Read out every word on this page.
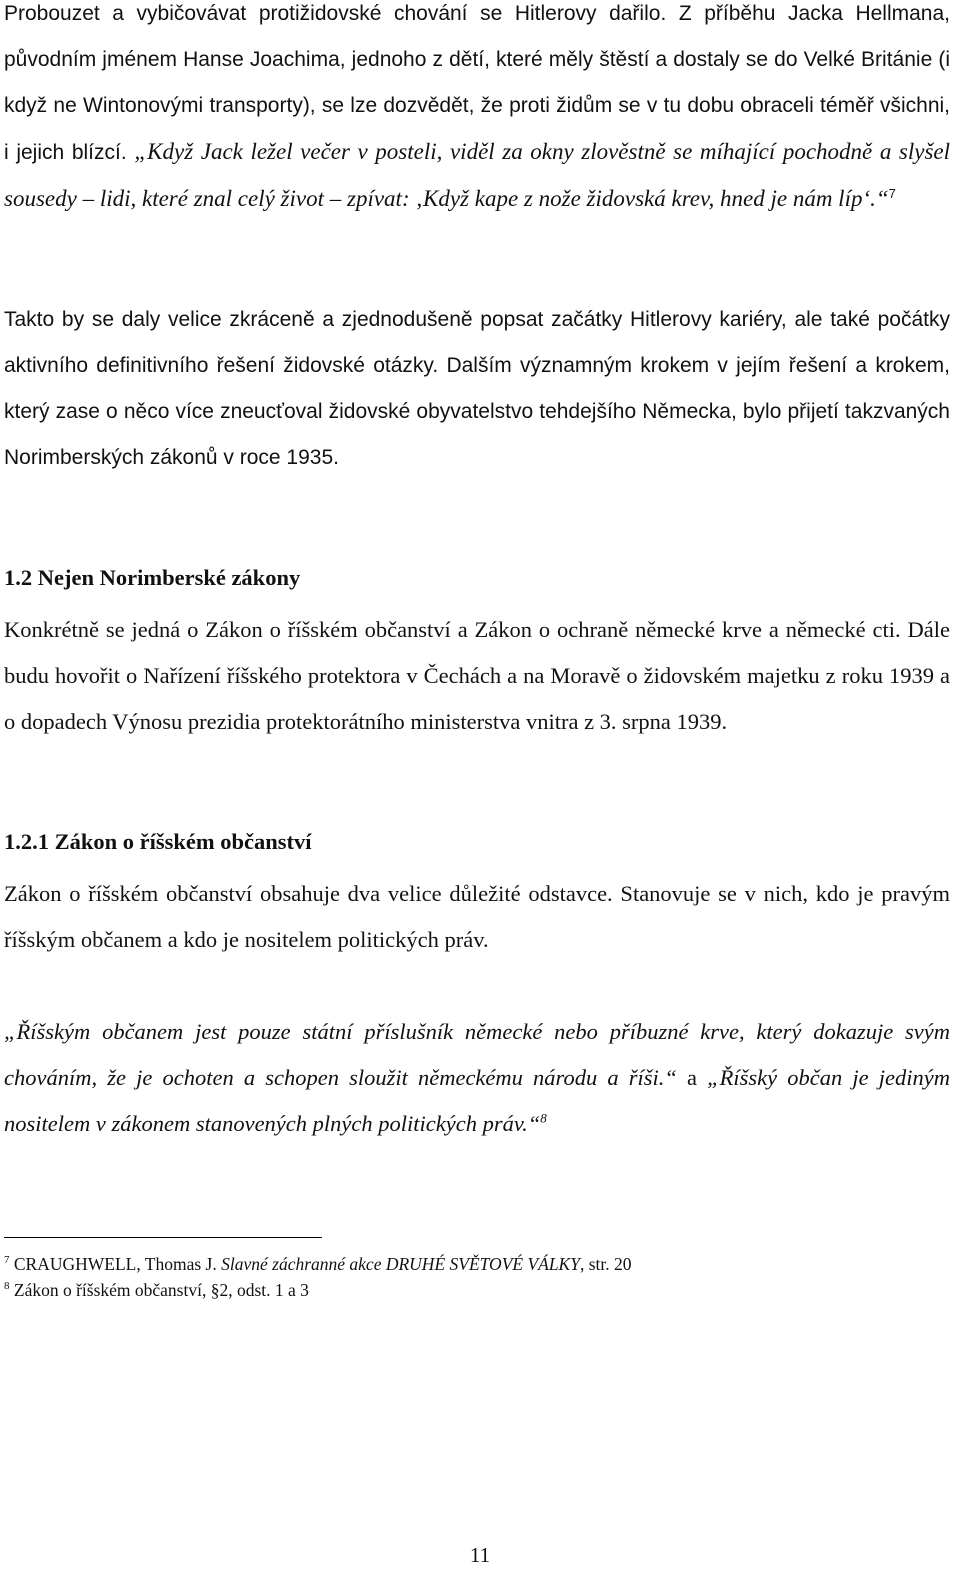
Probouzet a vybičovávat protižidovské chování se Hitlerovy dařilo. Z příběhu Jacka Hellmana, původním jménem Hanse Joachima, jednoho z dětí, které měly štěstí a dostaly se do Velké Británie (i když ne Wintonovými transporty), se lze dozvědět, že proti židům se v tu dobu obraceli téměř všichni, i jejich blízcí. „Když Jack ležel večer v posteli, viděl za okny zlověstně se míhající pochodně a slyšel sousedy – lidi, které znal celý život – zpívat: ‚Když kape z nože židovská krev, hned je nám líp‘.“$^7$

Takto by se daly velice zkráceně a zjednodušeně popsat začátky Hitlerovy kariéry, ale také počátky aktivního definitivního řešení židovské otázky. Dalším významným krokem v jejím řešení a krokem, který zase o něco více zneucťoval židovské obyvatelstvo tehdejšího Německa, bylo přijetí takzvaných Norimberských zákonů v roce 1935.

1.2 Nejen Norimberské zákony

Konkrétně se jedná o Zákon o říšském občanství a Zákon o ochraně německé krve a německé cti. Dále budu hovořit o Nařízení říšského protektora v Čechách a na Moravě o židovském majetku z roku 1939 a o dopadech Výnosu prezidia protektorátního ministerstva vnitra z 3. srpna 1939.

1.2.1 Zákon o říšském občanství

Zákon o říšském občanství obsahuje dva velice důležité odstavce. Stanovuje se v nich, kdo je pravým říšským občanem a kdo je nositelem politických práv.

„Říšským občanem jest pouze státní příslušník německé nebo příbuzné krve, který dokazuje svým chováním, že je ochoten a schopen sloužit německému národu a říši.“ a „Říšský občan je jediným nositelem v zákonem stanovených plných politických práv.“$^8$

$^7$ CRAUGHWELL, Thomas J. Slavné záchranné akce DRUHÉ SVĚTOVÉ VÁLKY, str. 20

$^8$ Zákon o říšském občanství, §2, odst. 1 a 3

11
